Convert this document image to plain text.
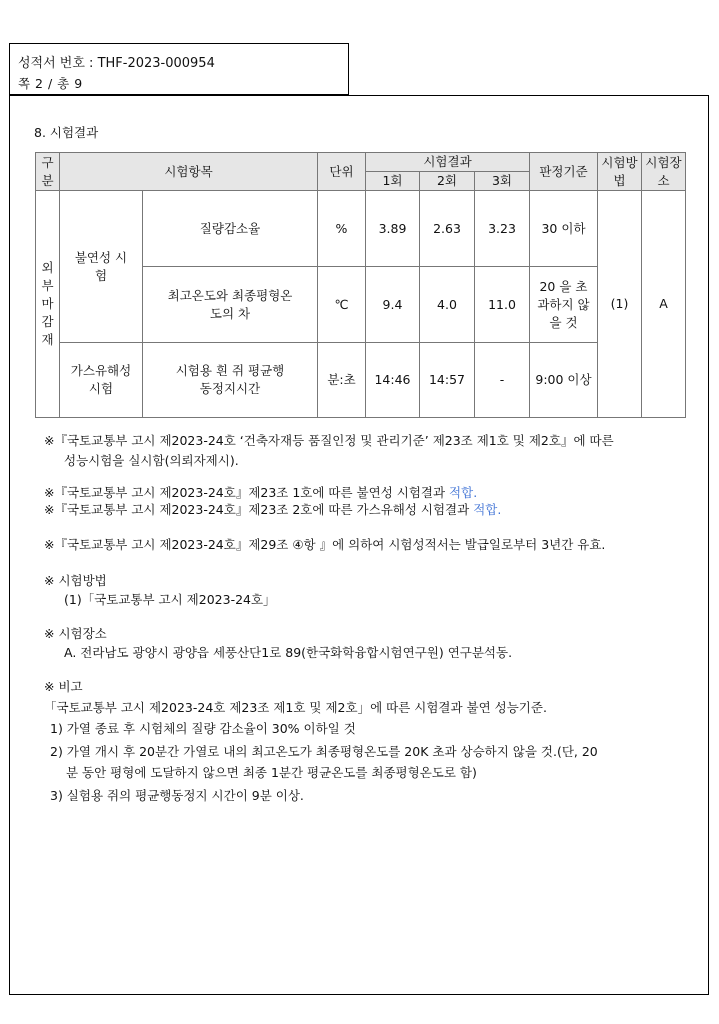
성적서 번호 : THF-2023-000954
쪽 2 / 총 9
8. 시험결과
구분	시험항목		단위	시험결과			판정기준	시험방법	시험장소
				1회	2회	3회			
외부마감재	불연성 시험	질량감소율	%	3.89	2.63	3.23	30 이하	(1)	A
		최고온도와 최종평형온도의 차	℃	9.4	4.0	11.0	20 을 초과하지 않을 것		
	가스유해성 시험	시험용 흰 쥐 평균행동정지시간	분:초	14:46	14:57	-	9:00 이상		
※『국토교통부 고시 제2023-24호 ‘건축자재등 품질인정 및 관리기준’ 제23조 제1호 및 제2호』에 따른
성능시험을 실시함(의뢰자제시).
※『국토교통부 고시 제2023-24호』제23조 1호에 따른 불연성 시험결과 적합.
※『국토교통부 고시 제2023-24호』제23조 2호에 따른 가스유해성 시험결과 적합.
※『국토교통부 고시 제2023-24호』제29조 ④항 』에 의하여 시험성적서는 발급일로부터 3년간 유효.
※ 시험방법
(1)「국토교통부 고시 제2023-24호」
※ 시험장소
A. 전라남도 광양시 광양읍 세풍산단1로 89(한국화학융합시험연구원) 연구분석동.
※ 비고
「국토교통부 고시 제2023-24호 제23조 제1호 및 제2호」에 따른 시험결과 불연 성능기준.
1) 가열 종료 후 시험체의 질량 감소율이 30% 이하일 것
2) 가열 개시 후 20분간 가열로 내의 최고온도가 최종평형온도를 20K 초과 상승하지 않을 것.(단, 20
분 동안 평형에 도달하지 않으면 최종 1분간 평균온도를 최종평형온도로 함)
3) 실험용 쥐의 평균행동정지 시간이 9분 이상.
